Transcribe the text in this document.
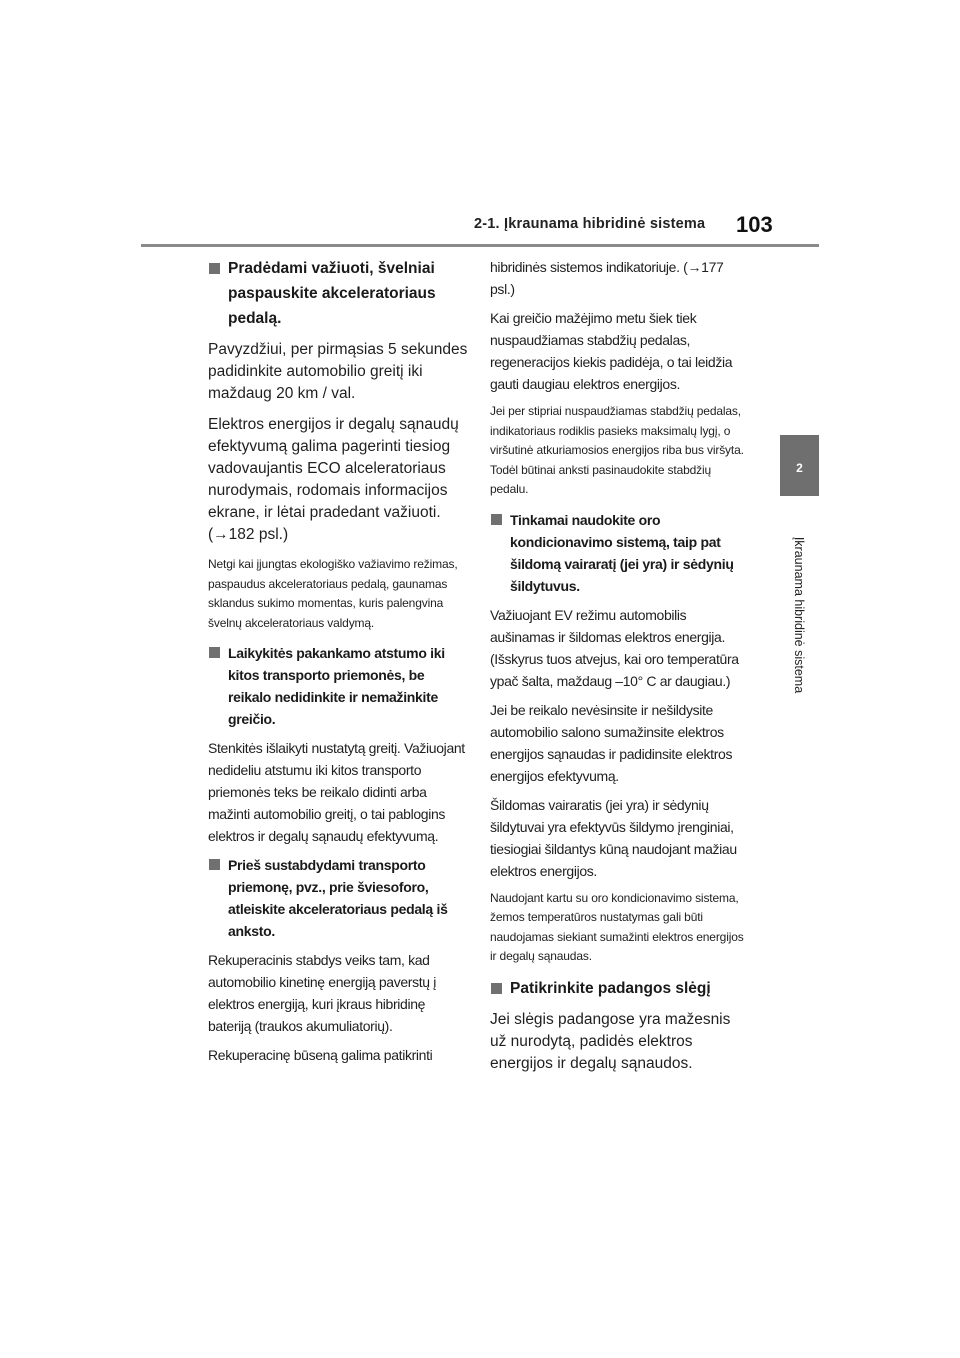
2-1. Įkraunama hibridinė sistema 103
2
Įkraunama hibridinė sistema
Pradėdami važiuoti, švelniai paspauskite akceleratoriaus pedalą.

Pavyzdžiui, per pirmąsias 5 sekundes padidinkite automobilio greitį iki maždaug 20 km / val.

Elektros energijos ir degalų sąnaudų efektyvumą galima pagerinti tiesiog vadovaujantis ECO alceleratoriaus nurodymais, rodomais informacijos ekrane, ir lėtai pradedant važiuoti. (→182 psl.)

Netgi kai įjungtas ekologiško važiavimo režimas, paspaudus akceleratoriaus pedalą, gaunamas sklandus sukimo momentas, kuris palengvina švelnų akceleratoriaus valdymą.

Laikykitės pakankamo atstumo iki kitos transporto priemonės, be reikalo nedidinkite ir nemažinkite greičio.

Stenkitės išlaikyti nustatytą greitį. Važiuojant nedideliu atstumu iki kitos transporto priemonės teks be reikalo didinti arba mažinti automobilio greitį, o tai pablogins elektros ir degalų sąnaudų efektyvumą.

Prieš sustabdydami transporto priemonę, pvz., prie šviesoforo, atleiskite akceleratoriaus pedalą iš anksto.

Rekuperacinis stabdys veiks tam, kad automobilio kinetinę energiją paverstų į elektros energiją, kuri įkraus hibridinę bateriją (traukos akumuliatorių).

Rekuperacinę būseną galima patikrinti

hibridinės sistemos indikatoriuje. (→177 psl.)

Kai greičio mažėjimo metu šiek tiek nuspaudžiamas stabdžių pedalas, regeneracijos kiekis padidėja, o tai leidžia gauti daugiau elektros energijos.

Jei per stipriai nuspaudžiamas stabdžių pedalas, indikatoriaus rodiklis pasieks maksimalų lygį, o viršutinė atkuriamosios energijos riba bus viršyta. Todėl būtinai anksti pasinaudokite stabdžių pedalu.

Tinkamai naudokite oro kondicionavimo sistemą, taip pat šildomą vairaratį (jei yra) ir sėdynių šildytuvus.

Važiuojant EV režimu automobilis aušinamas ir šildomas elektros energija. (Išskyrus tuos atvejus, kai oro temperatūra ypač šalta, maždaug –10° C ar daugiau.)

Jei be reikalo nevėsinsite ir nešildysite automobilio salono sumažinsite elektros energijos sąnaudas ir padidinsite elektros energijos efektyvumą.

Šildomas vairaratis (jei yra) ir sėdynių šildytuvai yra efektyvūs šildymo įrenginiai, tiesiogiai šildantys kūną naudojant mažiau elektros energijos.

Naudojant kartu su oro kondicionavimo sistema, žemos temperatūros nustatymas gali būti naudojamas siekiant sumažinti elektros energijos ir degalų sąnaudas.

Patikrinkite padangos slėgį

Jei slėgis padangose yra mažesnis už nurodytą, padidės elektros energijos ir degalų sąnaudos.
